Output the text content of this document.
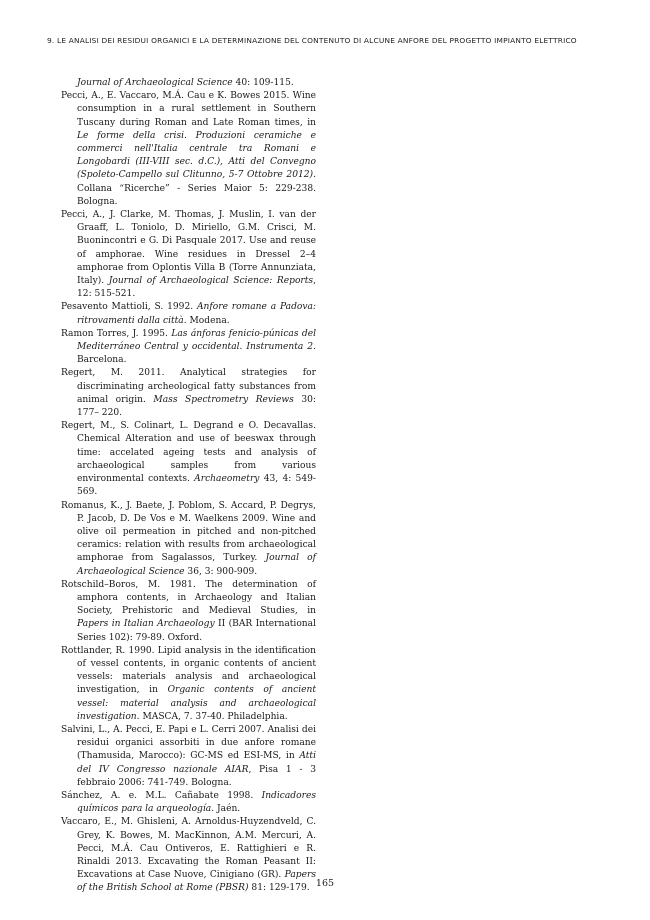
9. LE ANALISI DEI RESIDUI ORGANICI E LA DETERMINAZIONE DEL CONTENUTO DI ALCUNE ANFORE DEL PROGETTO IMPIANTO ELETTRICO
Journal of Archaeological Science 40: 109-115.
Pecci, A., E. Vaccaro, M.Á. Cau e K. Bowes 2015. Wine consumption in a rural settlement in Southern Tuscany during Roman and Late Roman times, in Le forme della crisi. Produzioni ceramiche e commerci nell'Italia centrale tra Romani e Longobardi (III-VIII sec. d.C.), Atti del Convegno (Spoleto-Campello sul Clitunno, 5-7 Ottobre 2012). Collana “Ricerche” - Series Maior 5: 229-238. Bologna.
Pecci, A., J. Clarke, M. Thomas, J. Muslin, I. van der Graaff, L. Toniolo, D. Miriello, G.M. Crisci, M. Buonincontri e G. Di Pasquale 2017. Use and reuse of amphorae. Wine residues in Dressel 2–4 amphorae from Oplontis Villa B (Torre Annunziata, Italy). Journal of Archaeological Science: Reports, 12: 515-521.
Pesavento Mattioli, S. 1992. Anfore romane a Padova: ritrovamenti dalla città. Modena.
Ramon Torres, J. 1995. Las ánforas fenicio-púnicas del Mediterráneo Central y occidental. Instrumenta 2. Barcelona.
Regert, M. 2011. Analytical strategies for discriminating archeological fatty substances from animal origin. Mass Spectrometry Reviews 30: 177– 220.
Regert, M., S. Colinart, L. Degrand e O. Decavallas. Chemical Alteration and use of beeswax through time: accelated ageing tests and analysis of archaeological samples from various environmental contexts. Archaeometry 43, 4: 549-569.
Romanus, K., J. Baete, J. Poblom, S. Accard, P. Degrys, P. Jacob, D. De Vos e M. Waelkens 2009. Wine and olive oil permeation in pitched and non-pitched ceramics: relation with results from archaeological amphorae from Sagalassos, Turkey. Journal of Archaeological Science 36, 3: 900-909.
Rotschild–Boros, M. 1981. The determination of amphora contents, in Archaeology and Italian Society, Prehistoric and Medieval Studies, in Papers in Italian Archaeology II (BAR International Series 102): 79-89. Oxford.
Rottlander, R. 1990. Lipid analysis in the identification of vessel contents, in organic contents of ancient vessels: materials analysis and archaeological investigation, in Organic contents of ancient vessel: material analysis and archaeological investigation. MASCA, 7. 37-40. Philadelphia.
Salvini, L., A. Pecci, E. Papi e L. Cerri 2007. Analisi dei residui organici assorbiti in due anfore romane (Thamusida, Marocco): GC-MS ed ESI-MS, in Atti del IV Congresso nazionale AIAR, Pisa 1 - 3 febbraio 2006: 741-749. Bologna.
Sánchez, A. e. M.L. Cañabate 1998. Indicadores químicos para la arqueología. Jaén.
Vaccaro, E., M. Ghisleni, A. Arnoldus-Huyzendveld, C. Grey, K. Bowes, M. MacKinnon, A.M. Mercuri, A. Pecci, M.Á. Cau Ontiveros, E. Rattighieri e R. Rinaldi 2013. Excavating the Roman Peasant II: Excavations at Case Nuove, Cinigiano (GR). Papers of the British School at Rome (PBSR) 81: 129-179. 165
